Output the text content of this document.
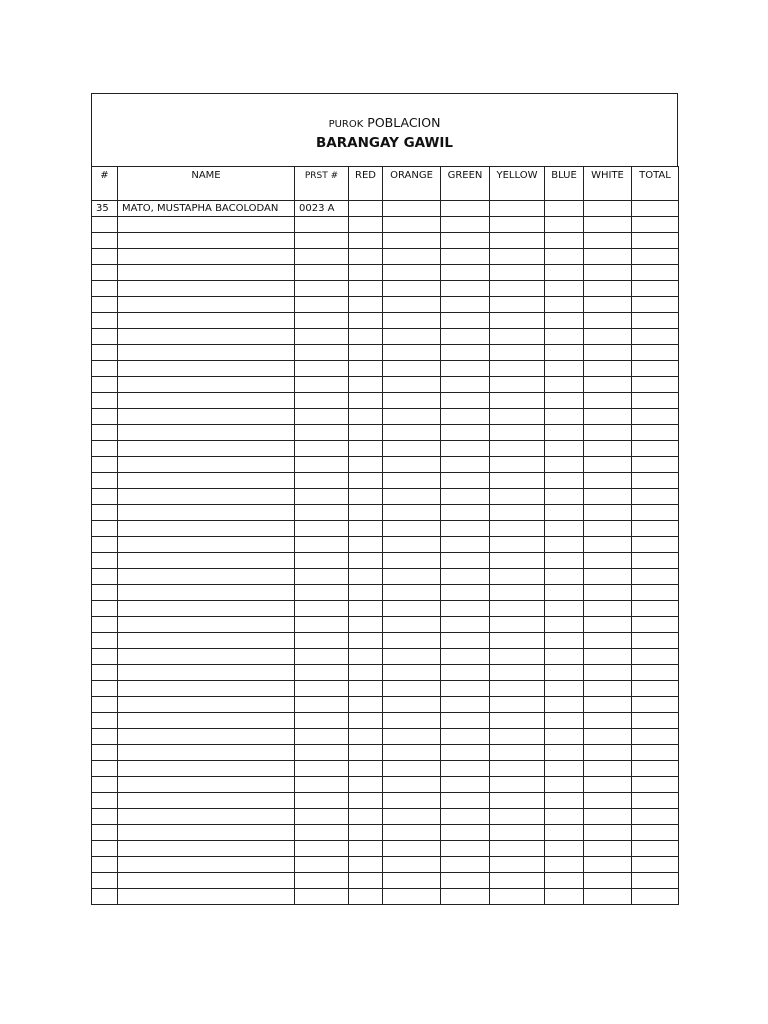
PUROK POBLACION
BARANGAY GAWIL
#	NAME	PRST #	RED	ORANGE	GREEN	YELLOW	BLUE	WHITE	TOTAL
35	MATO, MUSTAPHA BACOLODAN	0023 A							
